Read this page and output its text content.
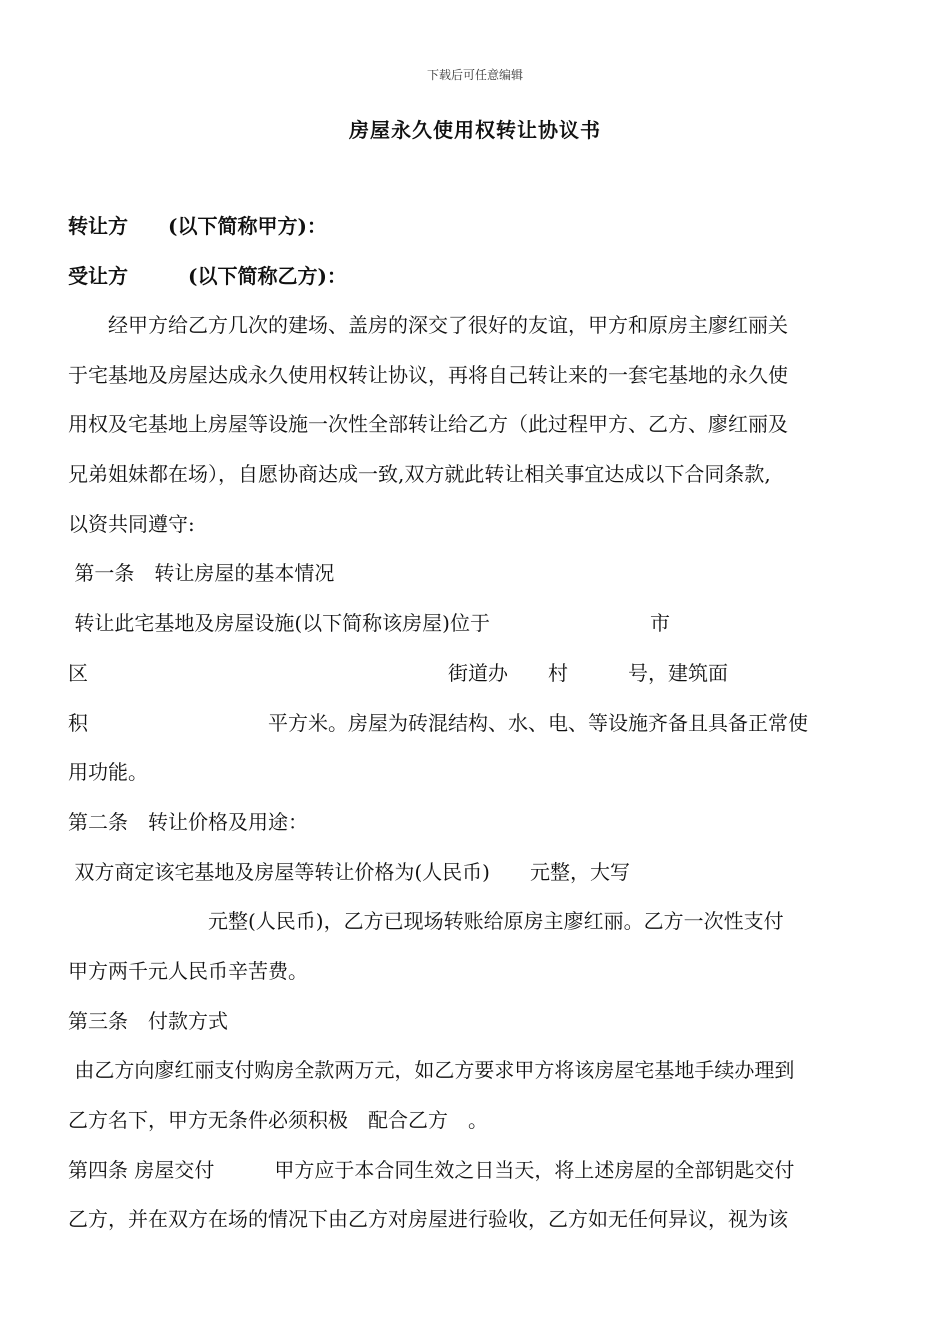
下载后可任意编辑
房屋永久使用权转让协议书
转让方　　(以下简称甲方)：
受让方　　　(以下简称乙方)：
　　经甲方给乙方几次的建场、盖房的深交了很好的友谊，甲方和原房主廖红丽关
于宅基地及房屋达成永久使用权转让协议，再将自己转让来的一套宅基地的永久使
用权及宅基地上房屋等设施一次性全部转让给乙方（此过程甲方、乙方、廖红丽及
兄弟姐妹都在场），自愿协商达成一致,双方就此转让相关事宜达成以下合同条款,
以资共同遵守:
第一条　转让房屋的基本情况
转让此宅基地及房屋设施(以下简称该房屋)位于　　　　　　　　市
区　　　　　　　　　　　　　　　　　　街道办　　村　　　号，建筑面
积　　　　　　　　　平方米。房屋为砖混结构、水、电、等设施齐备且具备正常使
用功能。
第二条　转让价格及用途：
双方商定该宅基地及房屋等转让价格为(人民币)　　元整，大写
　　　　　　　元整(人民币)，乙方已现场转账给原房主廖红丽。乙方一次性支付
甲方两千元人民币辛苦费。
第三条　付款方式
由乙方向廖红丽支付购房全款两万元，如乙方要求甲方将该房屋宅基地手续办理到
乙方名下，甲方无条件必须积极　配合乙方　。
第四条 房屋交付　　　甲方应于本合同生效之日当天，将上述房屋的全部钥匙交付
乙方，并在双方在场的情况下由乙方对房屋进行验收，乙方如无任何异议，视为该
